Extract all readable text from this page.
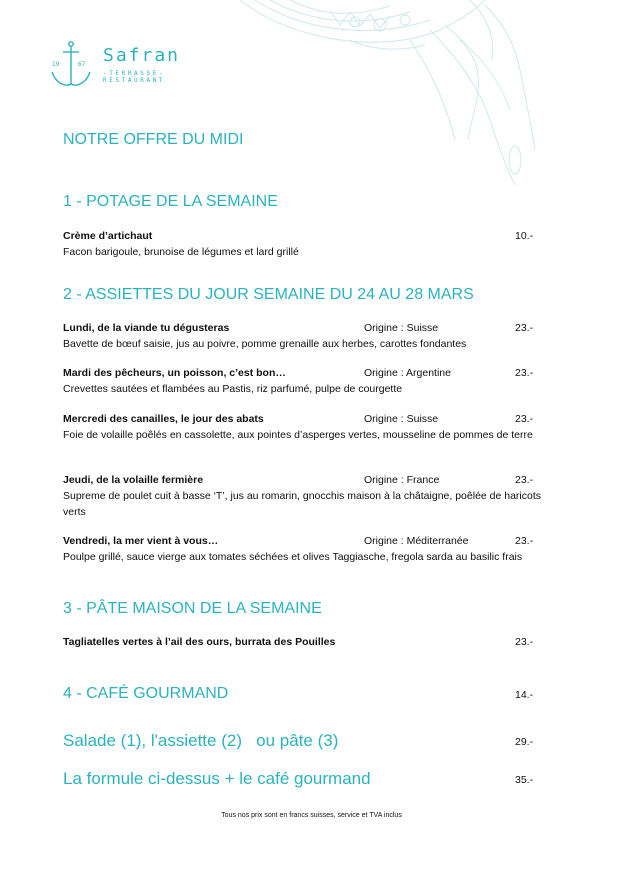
19	67 Safran
-TERRASSE-
RESTAURANT
NOTRE OFFRE DU MIDI
1 - POTAGE DE LA SEMAINE
Crème d’artichaut	10.-
Facon barigoule, brunoise de légumes et lard grillé
2 - ASSIETTES DU JOUR SEMAINE DU 24 AU 28 MARS
Lundi, de la viande tu dégusteras	Origine : Suisse	23.-
Bavette de bœuf saisie, jus au poivre, pomme grenaille aux herbes, carottes fondantes
Mardi des pêcheurs, un poisson, c’est bon…	Origine : Argentine	23.-
Crevettes sautées et flambées au Pastis, riz parfumé, pulpe de courgette
Mercredi des canailles, le jour des abats	Origine : Suisse	23.-
Foie de volaille poêlés en cassolette, aux pointes d’asperges vertes, mousseline de pommes de terre
Jeudi, de la volaille fermière	Origine : France	23.-
Supreme de poulet cuit à basse ‘T’, jus au romarin, gnocchis maison à la châtaigne, poêlée de haricots verts
Vendredi, la mer vient à vous…	Origine : Méditerranée	23.-
Poulpe grillé, sauce vierge aux tomates séchées et olives Taggiasche, fregola sarda au basilic frais
3 - PÂTE MAISON DE LA SEMAINE
Tagliatelles vertes à l’ail des ours, burrata des Pouilles	23.-
4 - CAFÉ GOURMAND	14.-
Salade (1), l'assiette (2)   ou pâte (3)	29.-
La formule ci-dessus + le café gourmand	35.-
Tous nos prix sont en francs suisses, service et TVA inclus
